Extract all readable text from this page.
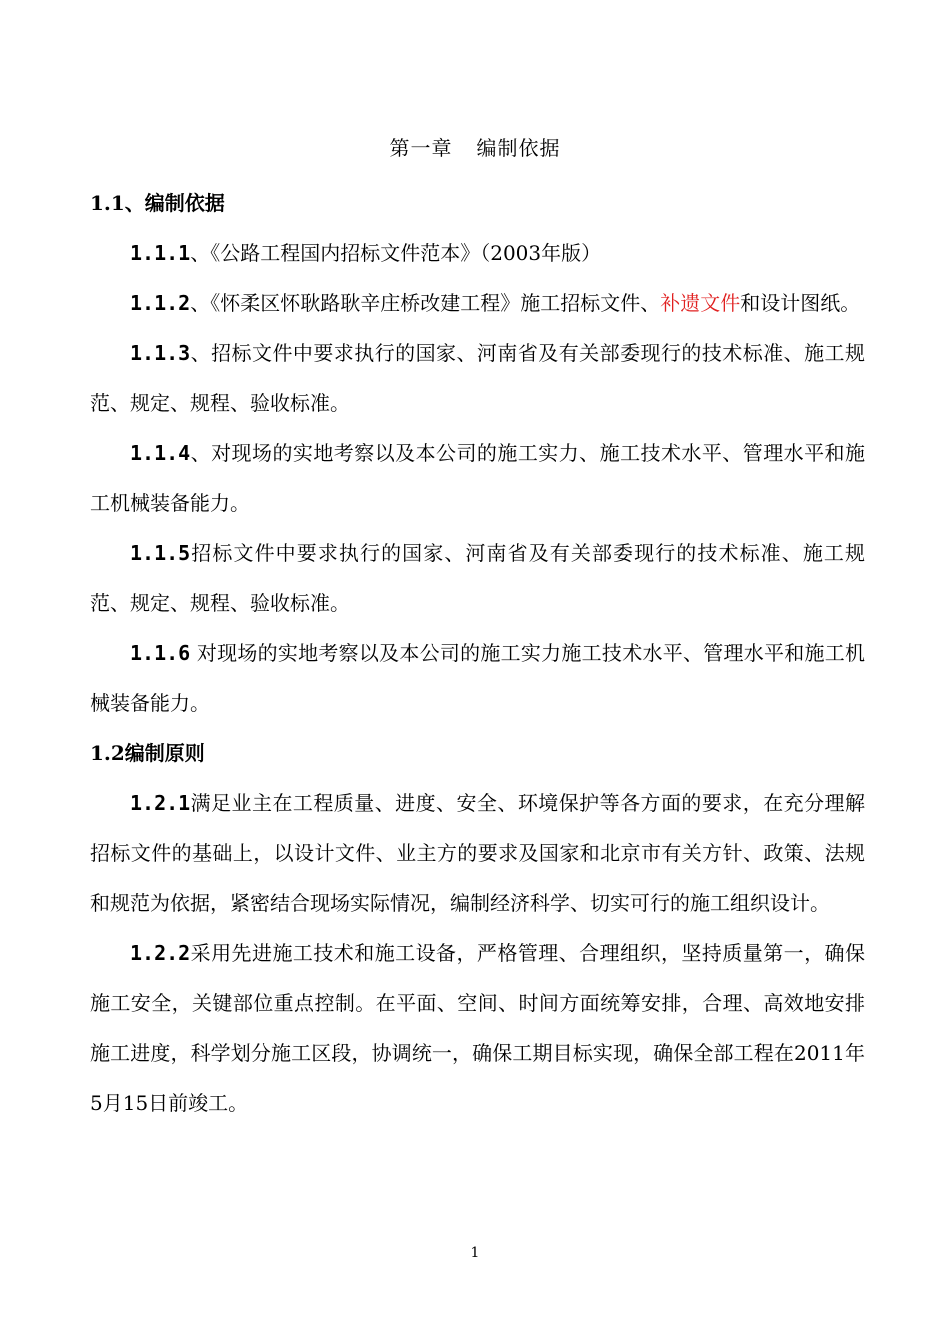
第一章 编制依据

1.1、编制依据

1.1.1、《公路工程国内招标文件范本》（2003年版）

1.1.2、《怀柔区怀耿路耿辛庄桥改建工程》施工招标文件、补遗文件和设计图纸。

1.1.3、招标文件中要求执行的国家、河南省及有关部委现行的技术标准、施工规范、规定、规程、验收标准。

1.1.4、对现场的实地考察以及本公司的施工实力、施工技术水平、管理水平和施工机械装备能力。

1.1.5招标文件中要求执行的国家、河南省及有关部委现行的技术标准、施工规范、规定、规程、验收标准。

1.1.6 对现场的实地考察以及本公司的施工实力施工技术水平、管理水平和施工机械装备能力。

1.2编制原则

1.2.1满足业主在工程质量、进度、安全、环境保护等各方面的要求，在充分理解招标文件的基础上，以设计文件、业主方的要求及国家和北京市有关方针、政策、法规和规范为依据，紧密结合现场实际情况，编制经济科学、切实可行的施工组织设计。

1.2.2采用先进施工技术和施工设备，严格管理、合理组织，坚持质量第一，确保施工安全，关键部位重点控制。在平面、空间、时间方面统筹安排，合理、高效地安排施工进度，科学划分施工区段，协调统一，确保工期目标实现，确保全部工程在2011年5月15日前竣工。

1
